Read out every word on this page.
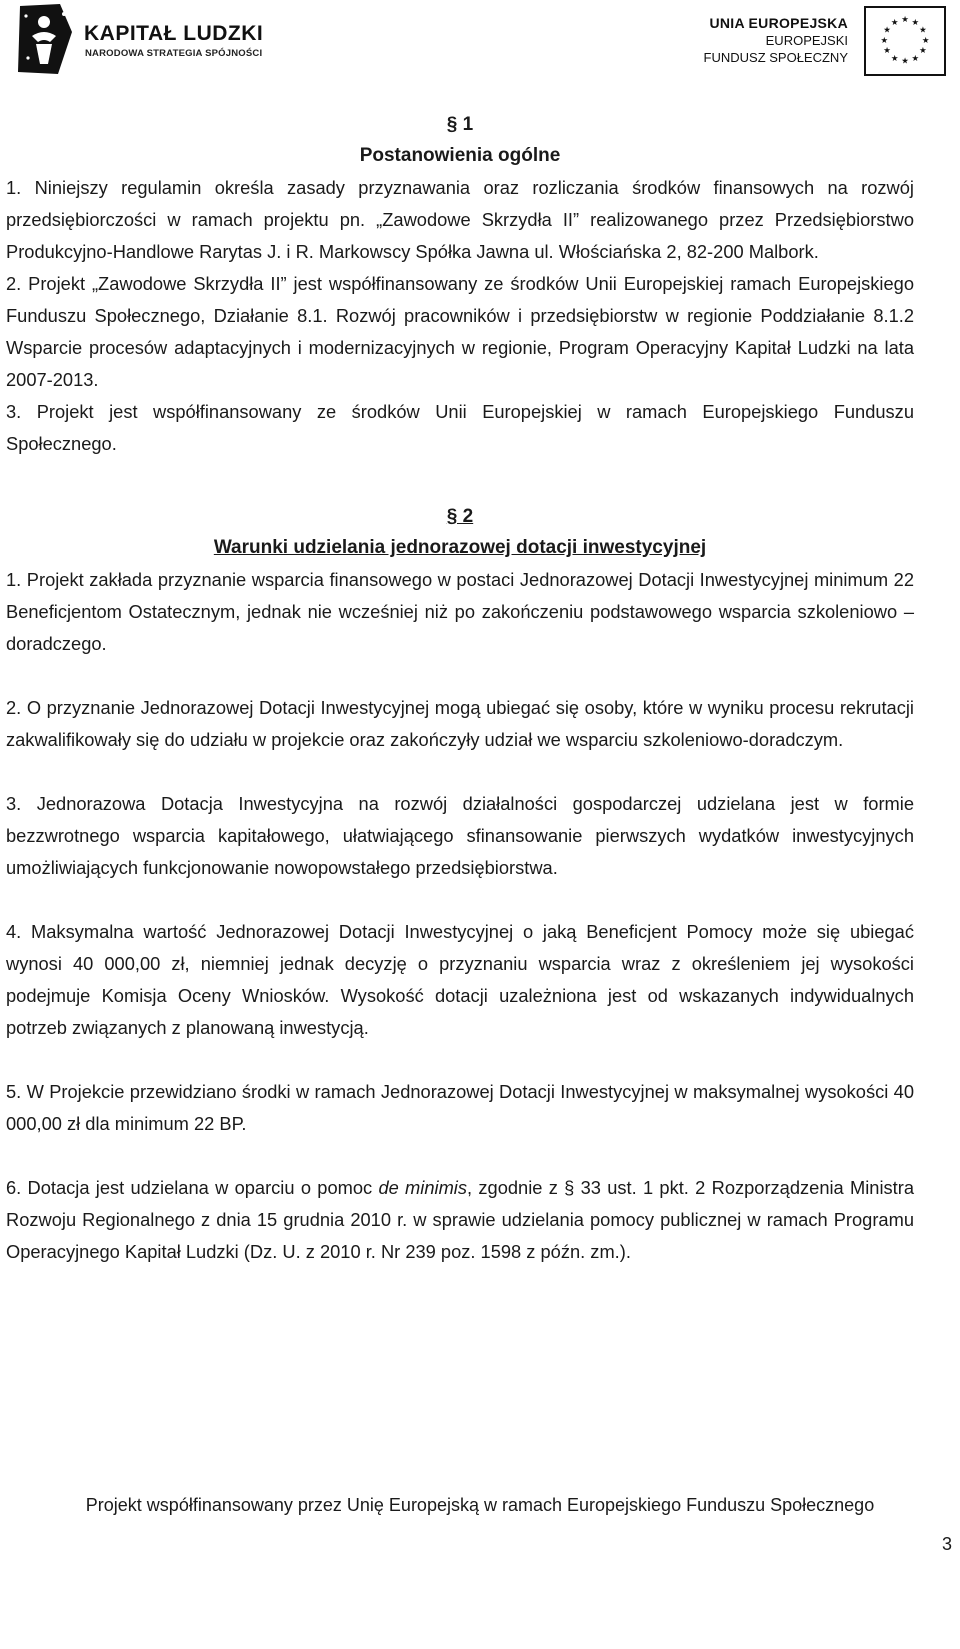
KAPITAŁ LUDZKI
NARODOWA STRATEGIA SPÓJNOŚCI
UNIA EUROPEJSKA
EUROPEJSKI
FUNDUSZ SPOŁECZNY
★ ★
★
★
★
★
★
★
★
★
★
★
§ 1
Postanowienia ogólne

1. Niniejszy regulamin określa zasady przyznawania oraz rozliczania środków finansowych na rozwój przedsiębiorczości w ramach projektu pn. „Zawodowe Skrzydła II” realizowanego przez Przedsiębiorstwo Produkcyjno-Handlowe Rarytas J. i R. Markowscy Spółka Jawna ul. Włościańska 2, 82-200 Malbork.

2. Projekt „Zawodowe Skrzydła II” jest współfinansowany ze środków Unii Europejskiej ramach Europejskiego Funduszu Społecznego, Działanie 8.1. Rozwój pracowników i przedsiębiorstw w regionie Poddziałanie 8.1.2 Wsparcie procesów adaptacyjnych i modernizacyjnych w regionie, Program Operacyjny Kapitał Ludzki na lata 2007-2013.

3. Projekt jest współfinansowany ze środków Unii Europejskiej w ramach Europejskiego Funduszu Społecznego.

§ 2
Warunki udzielania jednorazowej dotacji inwestycyjnej

1. Projekt zakłada przyznanie wsparcia finansowego w postaci Jednorazowej Dotacji Inwestycyjnej minimum 22 Beneficjentom Ostatecznym, jednak nie wcześniej niż po zakończeniu podstawowego wsparcia szkoleniowo – doradczego.

2. O przyznanie Jednorazowej Dotacji Inwestycyjnej mogą ubiegać się osoby, które w wyniku procesu rekrutacji zakwalifikowały się do udziału w projekcie oraz zakończyły udział we wsparciu szkoleniowo-doradczym.

3. Jednorazowa Dotacja Inwestycyjna na rozwój działalności gospodarczej udzielana jest w formie bezzwrotnego wsparcia kapitałowego, ułatwiającego sfinansowanie pierwszych wydatków inwestycyjnych umożliwiających funkcjonowanie nowopowstałego przedsiębiorstwa.

4. Maksymalna wartość Jednorazowej Dotacji Inwestycyjnej o jaką Beneficjent Pomocy może się ubiegać wynosi 40 000,00 zł, niemniej jednak decyzję o przyznaniu wsparcia wraz z określeniem jej wysokości podejmuje Komisja Oceny Wniosków. Wysokość dotacji uzależniona jest od wskazanych indywidualnych potrzeb związanych z planowaną inwestycją.

5. W Projekcie przewidziano środki w ramach Jednorazowej Dotacji Inwestycyjnej w maksymalnej wysokości 40 000,00 zł dla minimum 22 BP.

6. Dotacja jest udzielana w oparciu o pomoc de minimis, zgodnie z § 33 ust. 1 pkt. 2 Rozporządzenia Ministra Rozwoju Regionalnego z dnia 15 grudnia 2010 r. w sprawie udzielania pomocy publicznej w ramach Programu Operacyjnego Kapitał Ludzki (Dz. U. z 2010 r. Nr 239 poz. 1598 z późn. zm.).

Projekt współfinansowany przez Unię Europejską w ramach Europejskiego Funduszu Społecznego
3
